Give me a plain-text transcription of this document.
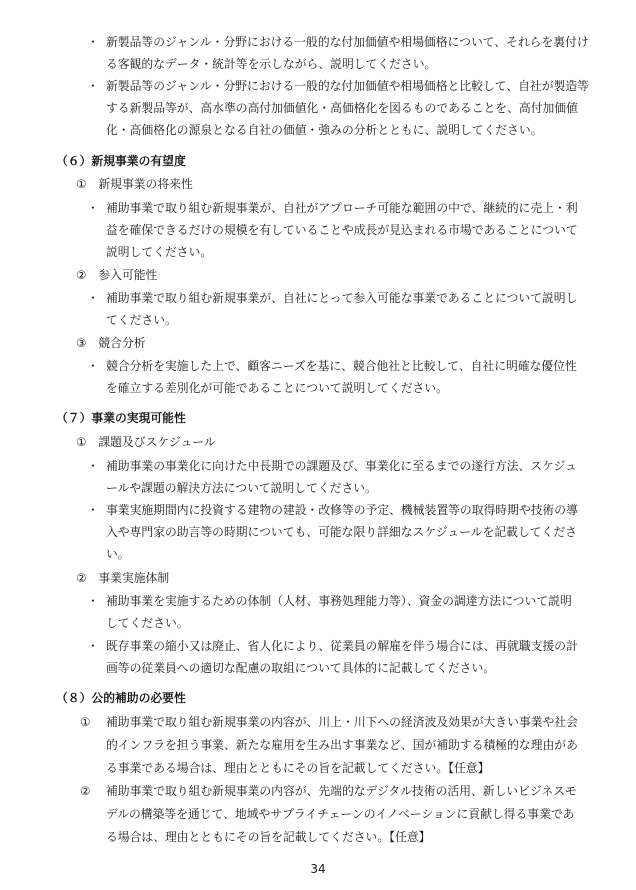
・ 新製品等のジャンル・分野における一般的な付加価値や相場価格について、それらを裏付け
る客観的なデータ・統計等を示しながら、説明してください。
・ 新製品等のジャンル・分野における一般的な付加価値や相場価格と比較して、自社が製造等
する新製品等が、高水準の高付加価値化・高価格化を図るものであることを、高付加価値
化・高価格化の源泉となる自社の価値・強みの分析とともに、説明してください。
（６）新規事業の有望度
①　新規事業の将来性
・ 補助事業で取り組む新規事業が、自社がアプローチ可能な範囲の中で、継続的に売上・利
益を確保できるだけの規模を有していることや成長が見込まれる市場であることについて
説明してください。
②　参入可能性
・ 補助事業で取り組む新規事業が、自社にとって参入可能な事業であることについて説明し
てください。
③　競合分析
・ 競合分析を実施した上で、顧客ニーズを基に、競合他社と比較して、自社に明確な優位性
を確立する差別化が可能であることについて説明してください。
（７）事業の実現可能性
①　課題及びスケジュール
・ 補助事業の事業化に向けた中長期での課題及び、事業化に至るまでの遂行方法、スケジュ
ールや課題の解決方法について説明してください。
・ 事業実施期間内に投資する建物の建設・改修等の予定、機械装置等の取得時期や技術の導
入や専門家の助言等の時期についても、可能な限り詳細なスケジュールを記載してくださ
い。
②　事業実施体制
・ 補助事業を実施するための体制（人材、事務処理能力等）、資金の調達方法について説明
してください。
・ 既存事業の縮小又は廃止、省人化により、従業員の解雇を伴う場合には、再就職支援の計
画等の従業員への適切な配慮の取組について具体的に記載してください。
（８）公的補助の必要性
① 補助事業で取り組む新規事業の内容が、川上・川下への経済波及効果が大きい事業や社会
的インフラを担う事業、新たな雇用を生み出す事業など、国が補助する積極的な理由があ
る事業である場合は、理由とともにその旨を記載してください。【任意】
② 補助事業で取り組む新規事業の内容が、先端的なデジタル技術の活用、新しいビジネスモ
デルの構築等を通じて、地域やサプライチェーンのイノベーションに貢献し得る事業であ
る場合は、理由とともにその旨を記載してください。【任意】
34
